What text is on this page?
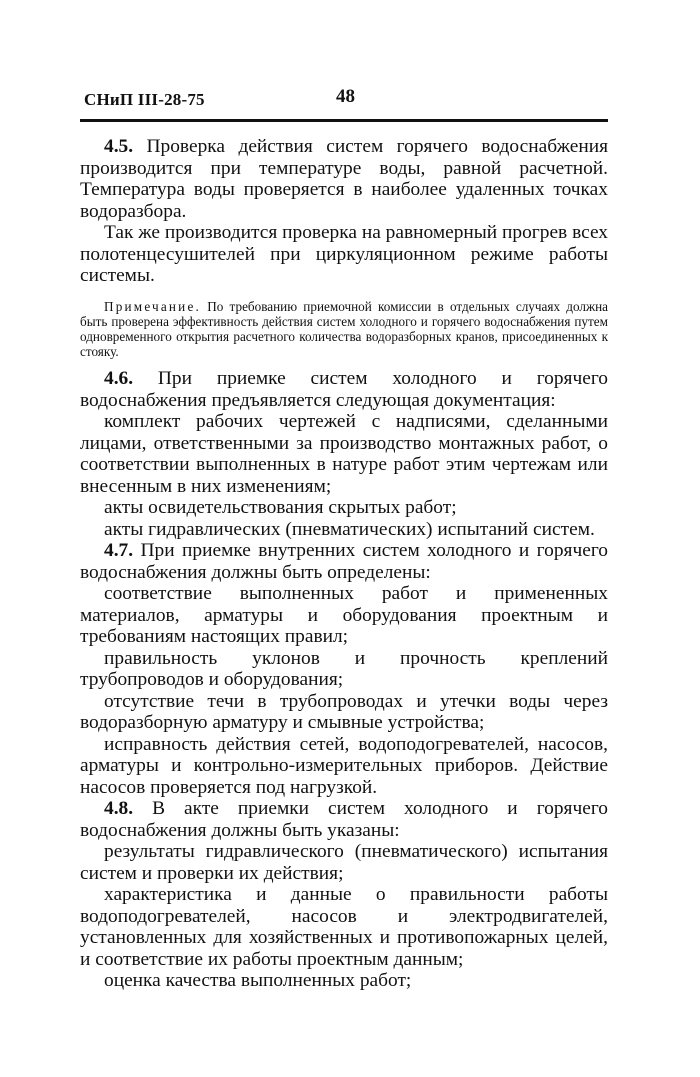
СНиП III-28-75	48

4.5. Проверка действия систем горячего водоснабжения производится при температуре воды, равной расчетной. Температура воды проверяется в наиболее удаленных точках водоразбора.

Так же производится проверка на равномерный прогрев всех полотенцесушителей при циркуляционном режиме работы системы.

Примечание. По требованию приемочной комиссии в отдельных случаях должна быть проверена эффективность действия систем холодного и горячего водоснабжения путем одновременного открытия расчетного количества водоразборных кранов, присоединенных к стояку.

4.6. При приемке систем холодного и горячего водоснабжения предъявляется следующая документация:

комплект рабочих чертежей с надписями, сделанными лицами, ответственными за производство монтажных работ, о соответствии выполненных в натуре работ этим чертежам или внесенным в них изменениям;

акты освидетельствования скрытых работ;

акты гидравлических (пневматических) испытаний систем.

4.7. При приемке внутренних систем холодного и горячего водоснабжения должны быть определены:

соответствие выполненных работ и примененных материалов, арматуры и оборудования проектным и требованиям настоящих правил;

правильность уклонов и прочность креплений трубопроводов и оборудования;

отсутствие течи в трубопроводах и утечки воды через водоразборную арматуру и смывные устройства;

исправность действия сетей, водоподогревателей, насосов, арматуры и контрольно-измерительных приборов. Действие насосов проверяется под нагрузкой.

4.8. В акте приемки систем холодного и горячего водоснабжения должны быть указаны:

результаты гидравлического (пневматического) испытания систем и проверки их действия;

характеристика и данные о правильности работы водоподогревателей, насосов и электродвигателей, установленных для хозяйственных и противопожарных целей, и соответствие их работы проектным данным;

оценка качества выполненных работ;
